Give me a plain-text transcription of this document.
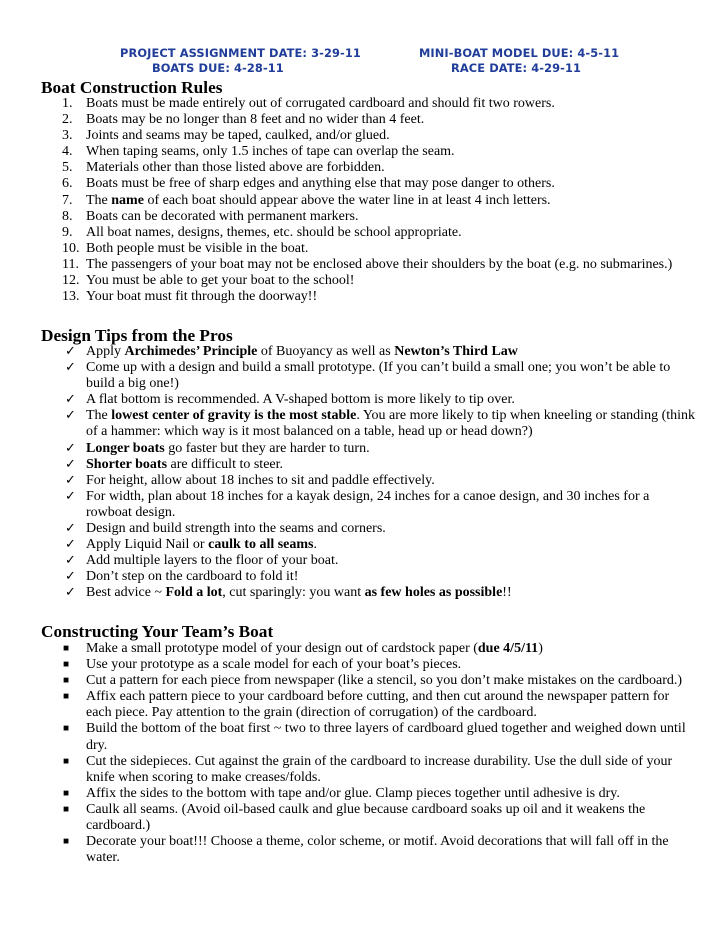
PROJECT ASSIGNMENT DATE: 3-29-11	MINI-BOAT MODEL DUE: 4-5-11
BOATS DUE: 4-28-11	RACE DATE: 4-29-11
Boat Construction Rules
1. Boats must be made entirely out of corrugated cardboard and should fit two rowers.
2. Boats may be no longer than 8 feet and no wider than 4 feet.
3. Joints and seams may be taped, caulked, and/or glued.
4. When taping seams, only 1.5 inches of tape can overlap the seam.
5. Materials other than those listed above are forbidden.
6. Boats must be free of sharp edges and anything else that may pose danger to others.
7. The name of each boat should appear above the water line in at least 4 inch letters.
8. Boats can be decorated with permanent markers.
9. All boat names, designs, themes, etc. should be school appropriate.
10. Both people must be visible in the boat.
11. The passengers of your boat may not be enclosed above their shoulders by the boat (e.g. no submarines.)
12. You must be able to get your boat to the school!
13. Your boat must fit through the doorway!!
Design Tips from the Pros
✓ Apply Archimedes’ Principle of Buoyancy as well as Newton’s Third Law
✓ Come up with a design and build a small prototype. (If you can’t build a small one; you won’t be able to build a big one!)
✓ A flat bottom is recommended. A V-shaped bottom is more likely to tip over.
✓ The lowest center of gravity is the most stable. You are more likely to tip when kneeling or standing (think of a hammer: which way is it most balanced on a table, head up or head down?)
✓ Longer boats go faster but they are harder to turn.
✓ Shorter boats are difficult to steer.
✓ For height, allow about 18 inches to sit and paddle effectively.
✓ For width, plan about 18 inches for a kayak design, 24 inches for a canoe design, and 30 inches for a rowboat design.
✓ Design and build strength into the seams and corners.
✓ Apply Liquid Nail or caulk to all seams.
✓ Add multiple layers to the floor of your boat.
✓ Don’t step on the cardboard to fold it!
✓ Best advice ~ Fold a lot, cut sparingly: you want as few holes as possible!!
Constructing Your Team’s Boat
■ Make a small prototype model of your design out of cardstock paper (due 4/5/11)
■ Use your prototype as a scale model for each of your boat’s pieces.
■ Cut a pattern for each piece from newspaper (like a stencil, so you don’t make mistakes on the cardboard.)
■ Affix each pattern piece to your cardboard before cutting, and then cut around the newspaper pattern for each piece. Pay attention to the grain (direction of corrugation) of the cardboard.
■ Build the bottom of the boat first ~ two to three layers of cardboard glued together and weighed down until dry.
■ Cut the sidepieces. Cut against the grain of the cardboard to increase durability. Use the dull side of your knife when scoring to make creases/folds.
■ Affix the sides to the bottom with tape and/or glue. Clamp pieces together until adhesive is dry.
■ Caulk all seams. (Avoid oil-based caulk and glue because cardboard soaks up oil and it weakens the cardboard.)
■ Decorate your boat!!! Choose a theme, color scheme, or motif. Avoid decorations that will fall off in the water.
